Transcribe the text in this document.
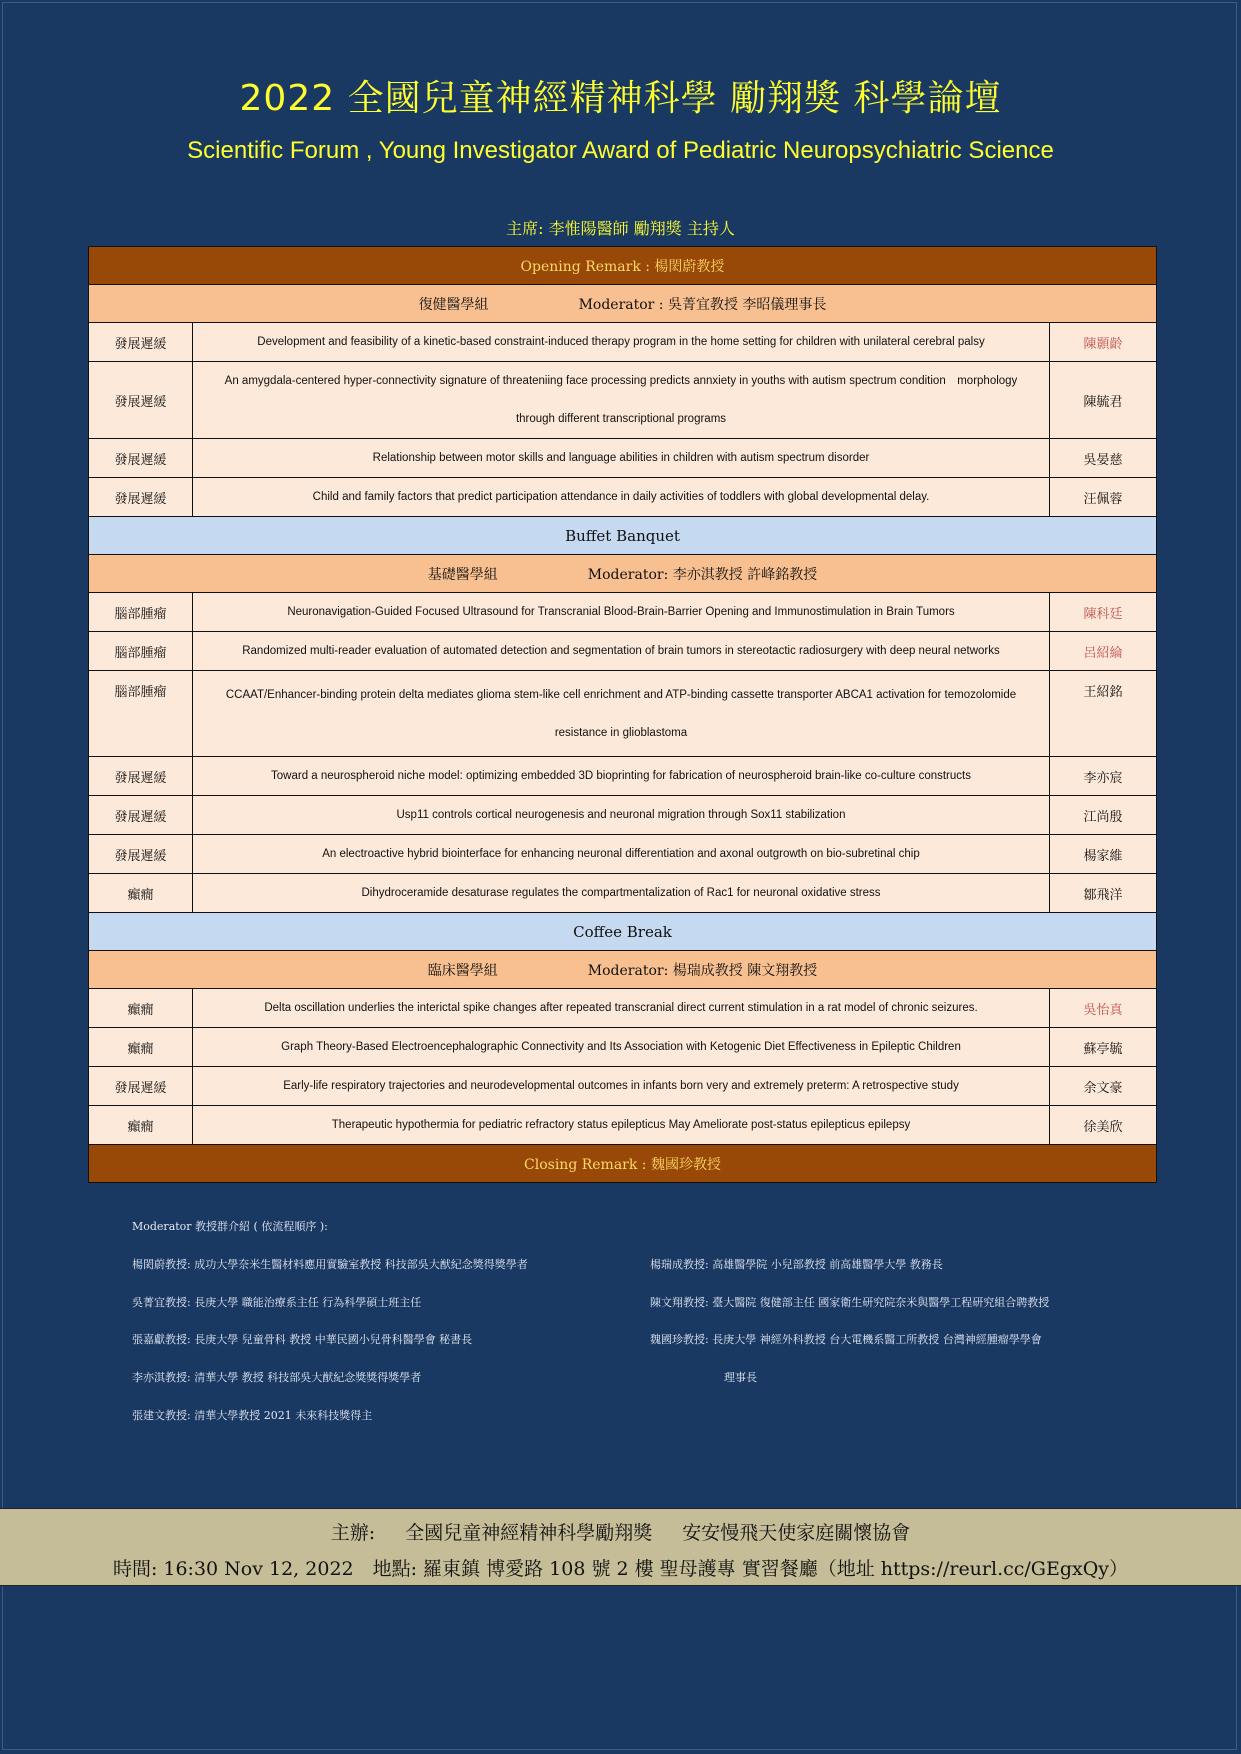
2022 全國兒童神經精神科學 勵翔獎 科學論壇
Scientific Forum , Young Investigator Award of Pediatric Neuropsychiatric Science
主席: 李惟陽醫師 勵翔獎 主持人
Opening Remark : 楊閎蔚教授		
復健醫學組 Moderator : 吳菁宜教授 李昭儀理事長		
發展遲緩	Development and feasibility of a kinetic-based constraint-induced therapy program in the home setting for children with unilateral cerebral palsy	陳顥齡
發展遲緩	An amygdala-centered hyper-connectivity signature of threateniing face processing predicts annxiety in youths with autism spectrum condition　morphology
through different transcriptional programs	陳毓君
發展遲緩	Relationship between motor skills and language abilities in children with autism spectrum disorder	吳晏慈
發展遲緩	Child and family factors that predict participation attendance in daily activities of toddlers with global developmental delay.	汪佩蓉
Buffet Banquet		
基礎醫學組 Moderator: 李亦淇教授 許峰銘教授		
腦部腫瘤	Neuronavigation-Guided Focused Ultrasound for Transcranial Blood-Brain-Barrier Opening and Immunostimulation in Brain Tumors	陳科廷
腦部腫瘤	Randomized multi-reader evaluation of automated detection and segmentation of brain tumors in stereotactic radiosurgery with deep neural networks	呂紹綸
腦部腫瘤	CCAAT/Enhancer-binding protein delta mediates glioma stem-like cell enrichment and ATP-binding cassette transporter ABCA1 activation for temozolomide
resistance in glioblastoma	王紹銘
發展遲緩	Toward a neurospheroid niche model: optimizing embedded 3D bioprinting for fabrication of neurospheroid brain-like co-culture constructs	李亦宸
發展遲緩	Usp11 controls cortical neurogenesis and neuronal migration through Sox11 stabilization	江尚殷
發展遲緩	An electroactive hybrid biointerface for enhancing neuronal differentiation and axonal outgrowth on bio-subretinal chip	楊家維
癲癇	Dihydroceramide desaturase regulates the compartmentalization of Rac1 for neuronal oxidative stress	鄒飛洋
Coffee Break		
臨床醫學組 Moderator: 楊瑞成教授 陳文翔教授		
癲癇	Delta oscillation underlies the interictal spike changes after repeated transcranial direct current stimulation in a rat model of chronic seizures.	吳怡真
癲癇	Graph Theory-Based Electroencephalographic Connectivity and Its Association with Ketogenic Diet Effectiveness in Epileptic Children	蘇亭毓
發展遲緩	Early-life respiratory trajectories and neurodevelopmental outcomes in infants born very and extremely preterm: A retrospective study	余文豪
癲癇	Therapeutic hypothermia for pediatric refractory status epilepticus May Ameliorate post-status epilepticus epilepsy	徐美欣
Closing Remark : 魏國珍教授		
Moderator 教授群介紹 ( 依流程順序 ):
楊閎蔚教授: 成功大學奈米生醫材料應用實驗室教授 科技部吳大猷紀念獎得獎學者
吳菁宜教授: 長庚大學 職能治療系主任 行為科學碩士班主任
張嘉獻教授: 長庚大學 兒童骨科 教授 中華民國小兒骨科醫學會 秘書長
李亦淇教授: 清華大學 教授 科技部吳大猷紀念獎獎得獎學者
張建文教授: 清華大學教授 2021 未來科技獎得主
楊瑞成教授: 高雄醫學院 小兒部教授 前高雄醫學大學 教務長
陳文翔教授: 臺大醫院 復健部主任 國家衛生研究院奈米與醫學工程研究組合聘教授
魏國珍教授: 長庚大學 神經外科教授 台大電機系醫工所教授 台灣神經腫瘤學學會
理事長
主辦: 全國兒童神經精神科學勵翔獎 安安慢飛天使家庭關懷協會
時間: 16:30 Nov 12, 2022　地點: 羅東鎮 博愛路 108 號 2 樓 聖母護專 實習餐廳（地址 https://reurl.cc/GEgxQy）
